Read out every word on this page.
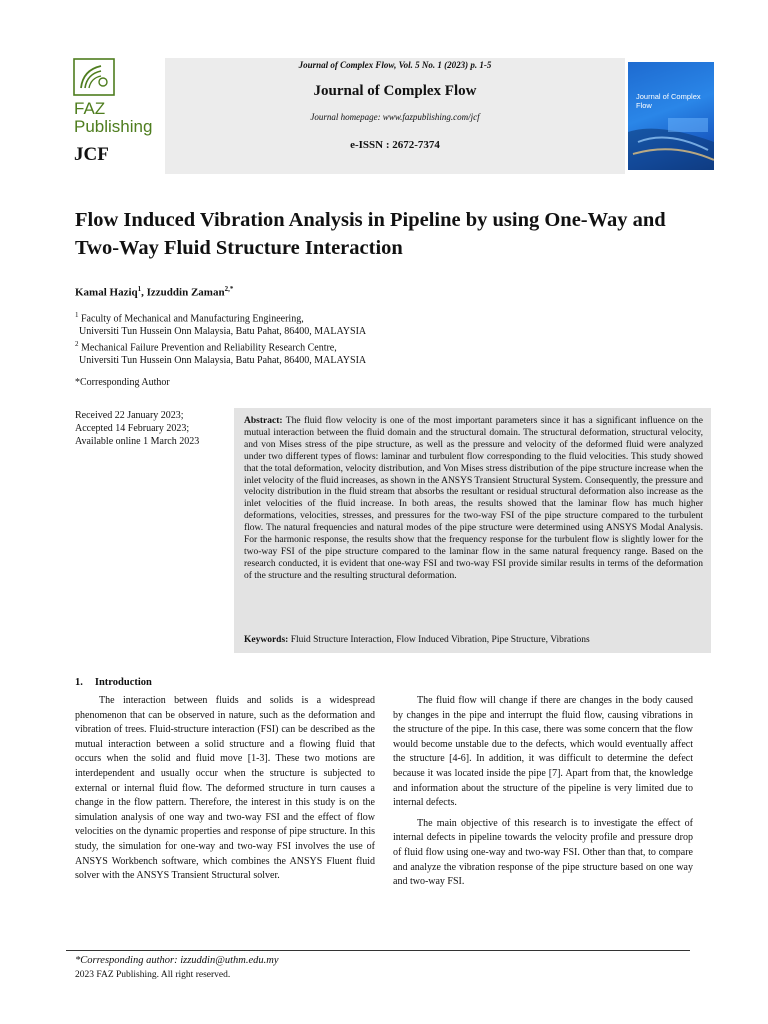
FAZ
Publishing
JCF
Journal of Complex Flow, Vol. 5 No. 1 (2023) p. 1-5
Journal of Complex Flow
Journal homepage: www.fazpublishing.com/jcf
e-ISSN : 2672-7374
Journal of Complex Flow
Flow Induced Vibration Analysis in Pipeline by using One-Way and Two-Way Fluid Structure Interaction
Kamal Haziq$^1$, Izzuddin Zaman$^{2,*}$
$^1$ Faculty of Mechanical and Manufacturing Engineering,
Universiti Tun Hussein Onn Malaysia, Batu Pahat, 86400, MALAYSIA
$^2$ Mechanical Failure Prevention and Reliability Research Centre,
Universiti Tun Hussein Onn Malaysia, Batu Pahat, 86400, MALAYSIA
*Corresponding Author
Received 22 January 2023;
Accepted 14 February 2023;
Available online 1 March 2023
Abstract: The fluid flow velocity is one of the most important parameters since it has a significant influence on the mutual interaction between the fluid domain and the structural domain. The structural deformation, structural velocity, and von Mises stress of the pipe structure, as well as the pressure and velocity of the deformed fluid were analyzed under two different types of flows: laminar and turbulent flow corresponding to the fluid velocities. This study showed that the total deformation, velocity distribution, and Von Mises stress distribution of the pipe structure increase when the inlet velocity of the fluid increases, as shown in the ANSYS Transient Structural System. Consequently, the pressure and velocity distribution in the fluid stream that absorbs the resultant or residual structural deformation also increase as the inlet velocities of the fluid increase. In both areas, the results showed that the laminar flow has much higher deformations, velocities, stresses, and pressures for the two-way FSI of the pipe structure compared to the turbulent flow. The natural frequencies and natural modes of the pipe structure were determined using ANSYS Modal Analysis. For the harmonic response, the results show that the frequency response for the turbulent flow is slightly lower for the two-way FSI of the pipe structure compared to the laminar flow in the same natural frequency range. Based on the research conducted, it is evident that one-way FSI and two-way FSI provide similar results in terms of the deformation of the structure and the resulting structural deformation.
Keywords: Fluid Structure Interaction, Flow Induced Vibration, Pipe Structure, Vibrations
1. Introduction

The interaction between fluids and solids is a widespread phenomenon that can be observed in nature, such as the deformation and vibration of trees. Fluid-structure interaction (FSI) can be described as the mutual interaction between a solid structure and a flowing fluid that occurs when the solid and fluid move [1-3]. These two motions are interdependent and usually occur when the structure is subjected to external or internal fluid flow. The deformed structure in turn causes a change in the flow pattern. Therefore, the interest in this study is on the simulation analysis of one way and two-way FSI and the effect of flow velocities on the dynamic properties and response of pipe structure. In this study, the simulation for one-way and two-way FSI involves the use of ANSYS Workbench software, which combines the ANSYS Fluent fluid solver with the ANSYS Transient Structural solver.

The fluid flow will change if there are changes in the body caused by changes in the pipe and interrupt the fluid flow, causing vibrations in the structure of the pipe. In this case, there was some concern that the flow would become unstable due to the defects, which would eventually affect the structure [4-6]. In addition, it was difficult to determine the defect because it was located inside the pipe [7]. Apart from that, the knowledge and information about the structure of the pipeline is very limited due to internal defects.

The main objective of this research is to investigate the effect of internal defects in pipeline towards the velocity profile and pressure drop of fluid flow using one-way and two-way FSI. Other than that, to compare and analyze the vibration response of the pipe structure based on one way and two-way FSI.

*Corresponding author: izzuddin@uthm.edu.my
2023 FAZ Publishing. All right reserved.
